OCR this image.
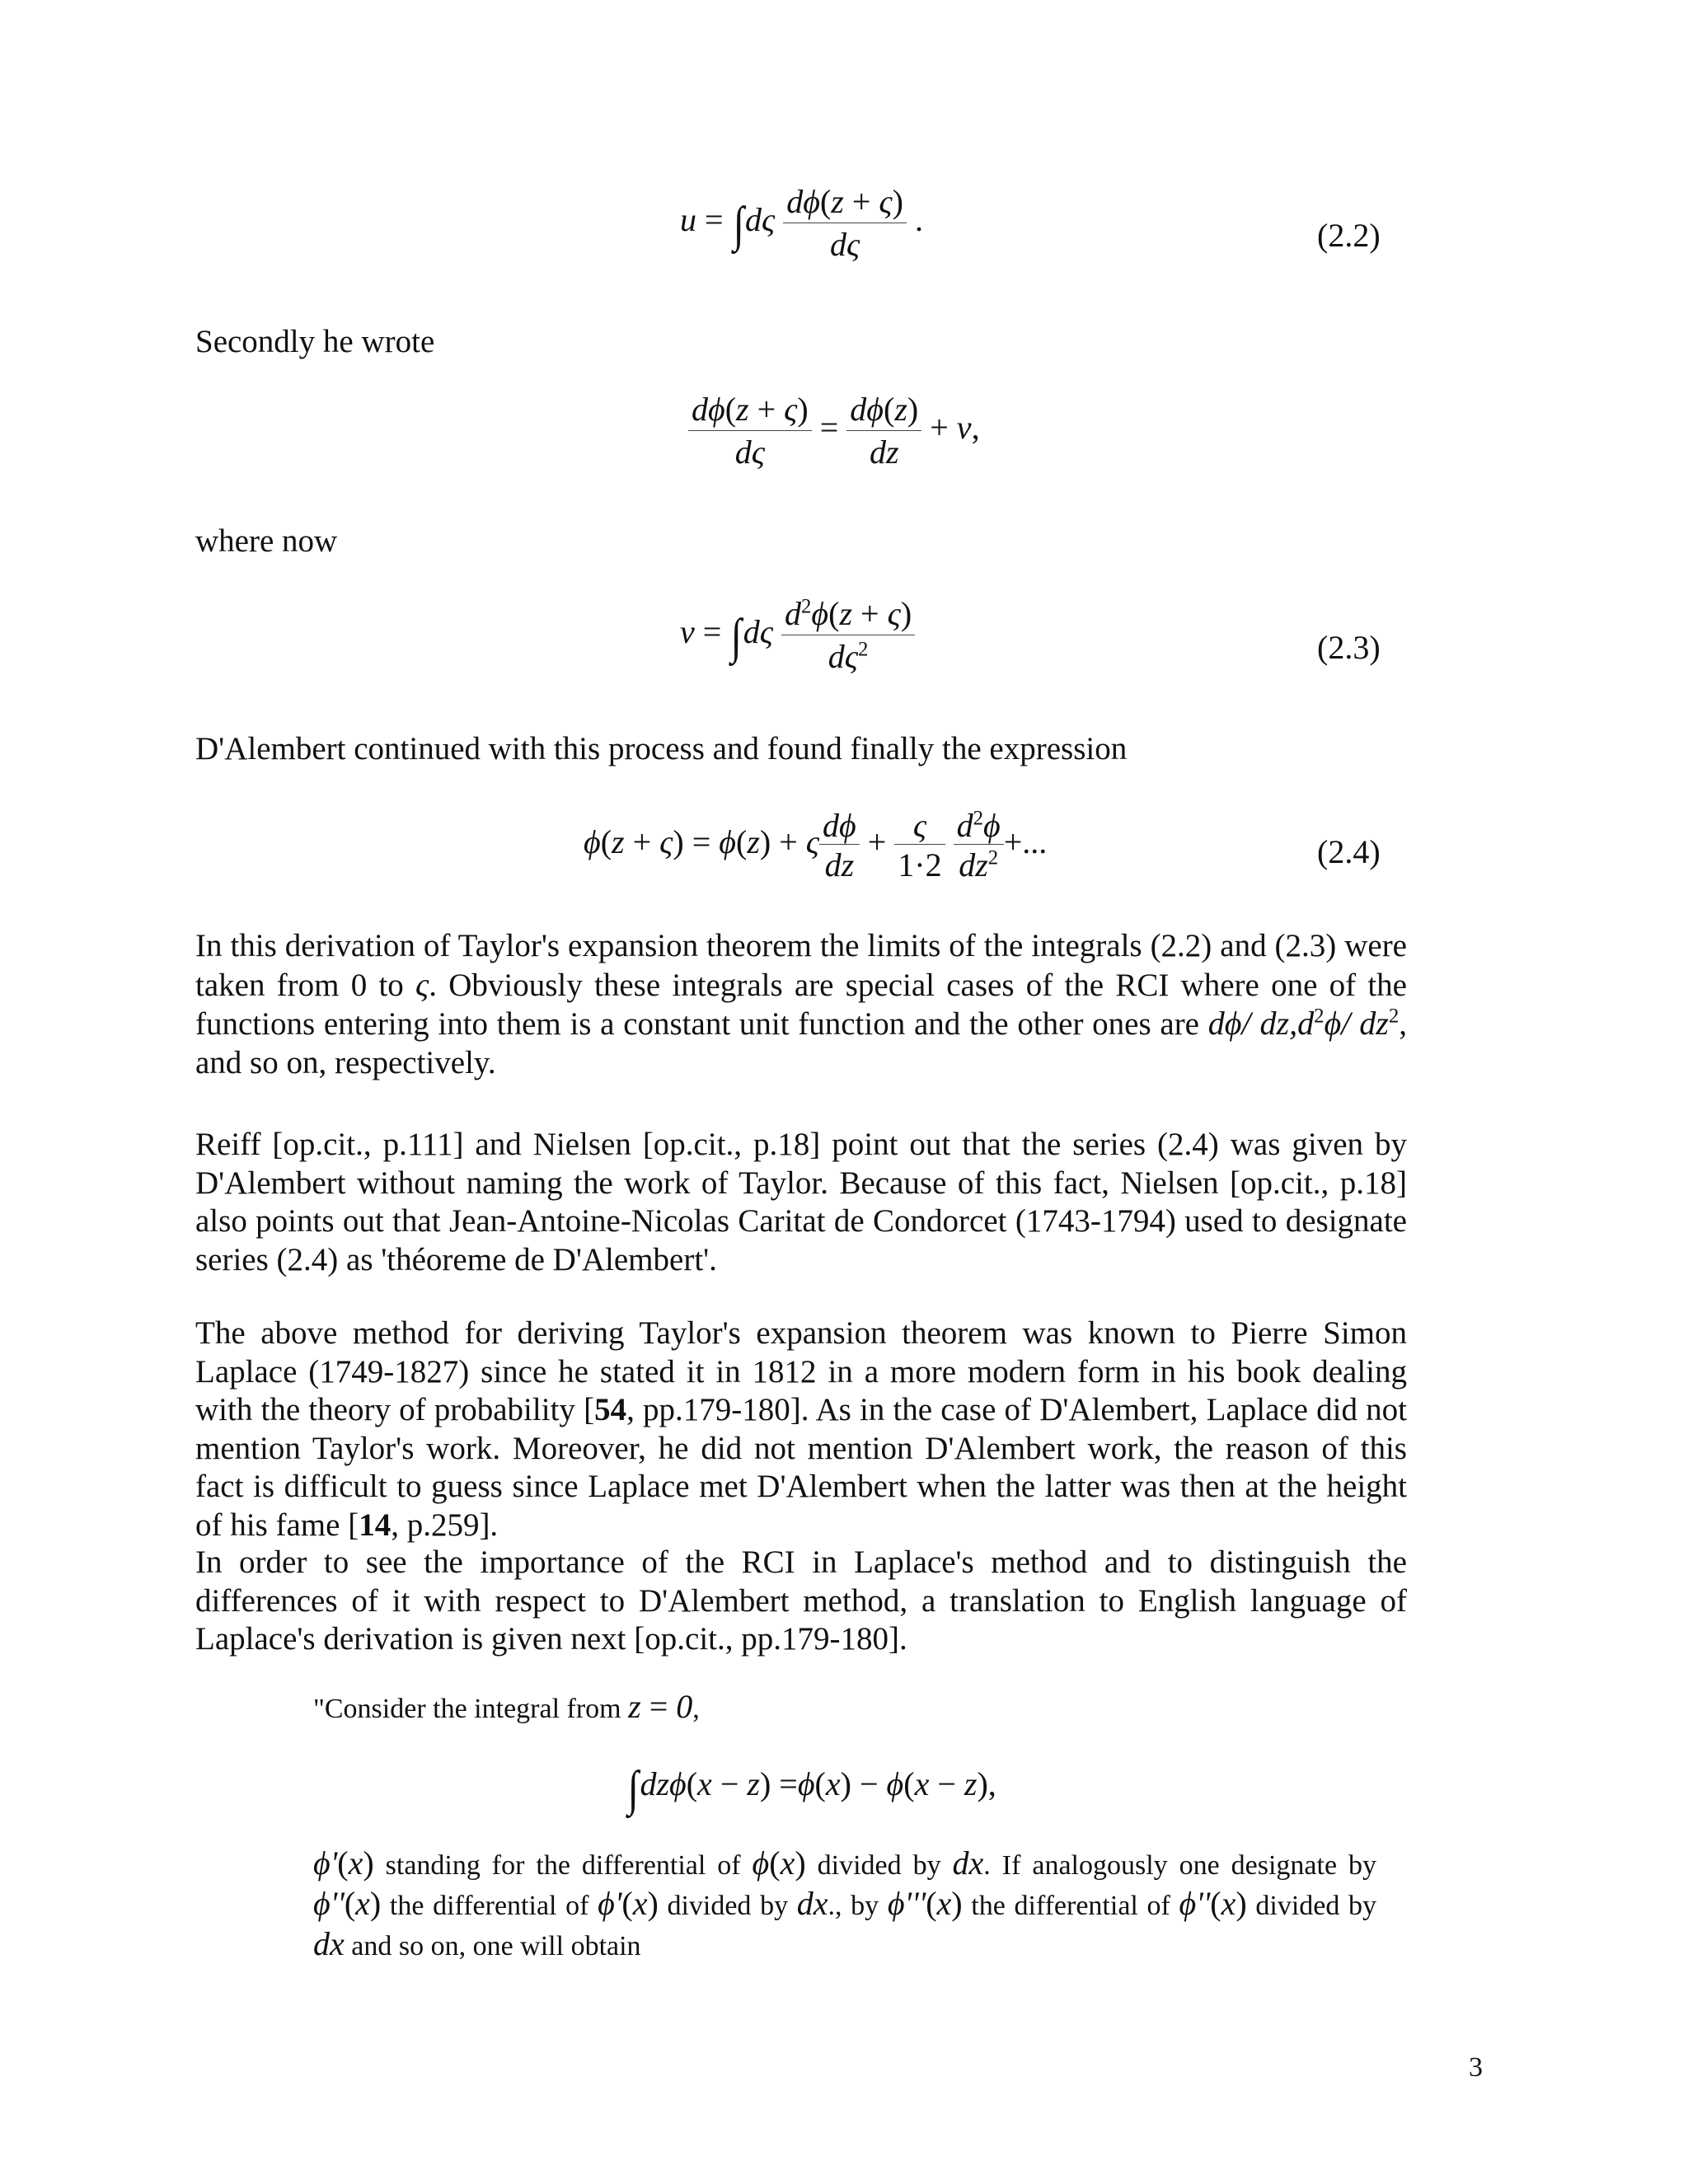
$u = \int d\varsigma \frac{d\phi(z + \varsigma)}{d\varsigma}$ .	(2.2)
Secondly he wrote
$\frac{d\phi(z + \varsigma)}{d\varsigma} = \frac{d\phi(z)}{dz} + v$,
where now
$v = \int d\varsigma \frac{d^2\phi(z + \varsigma)}{d\varsigma^2}$	(2.3)
D'Alembert continued with this process and found finally the expression
ϕ(z + ς) = ϕ(z) + ς $\frac{d\phi}{dz} + \frac{\varsigma}{1\cdot 2}$
$\frac{d^2\phi}{dz^2}$ +...	(2.4)
In this derivation of Taylor's expansion theorem the limits of the integrals (2.2) and (2.3) were taken from 0 to ς. Obviously these integrals are special cases of the RCI where one of the functions entering into them is a constant unit function and the other ones are dϕ/ $dz,d^2\phi/$ $dz^2$, and so on, respectively.
Reiff [op.cit., p.111] and Nielsen [op.cit., p.18] point out that the series (2.4) was given by D'Alembert without naming the work of Taylor. Because of this fact, Nielsen [op.cit., p.18] also points out that Jean-Antoine-Nicolas Caritat de Condorcet (1743-1794) used to designate series (2.4) as 'théoreme de D'Alembert'.
The above method for deriving Taylor's expansion theorem was known to Pierre Simon Laplace (1749-1827) since he stated it in 1812 in a more modern form in his book dealing with the theory of probability [54, pp.179-180]. As in the case of D'Alembert, Laplace did not mention Taylor's work. Moreover, he did not mention D'Alembert work, the reason of this fact is difficult to guess since Laplace met D'Alembert when the latter was then at the height of his fame [14, p.259].
In order to see the importance of the RCI in Laplace's method and to distinguish the differences of it with respect to D'Alembert method, a translation to English language of Laplace's derivation is given next [op.cit., pp.179-180].
"Consider the integral from z = 0,
∫dzϕ(x − z) =ϕ(x) − ϕ(x − z),
ϕ'(x) standing for the differential of ϕ(x) divided by dx. If analogously one designate by ϕ''(x) the differential of ϕ'(x) divided by dx., by ϕ'''(x) the differential of ϕ''(x) divided by dx and so on, one will obtain
3
